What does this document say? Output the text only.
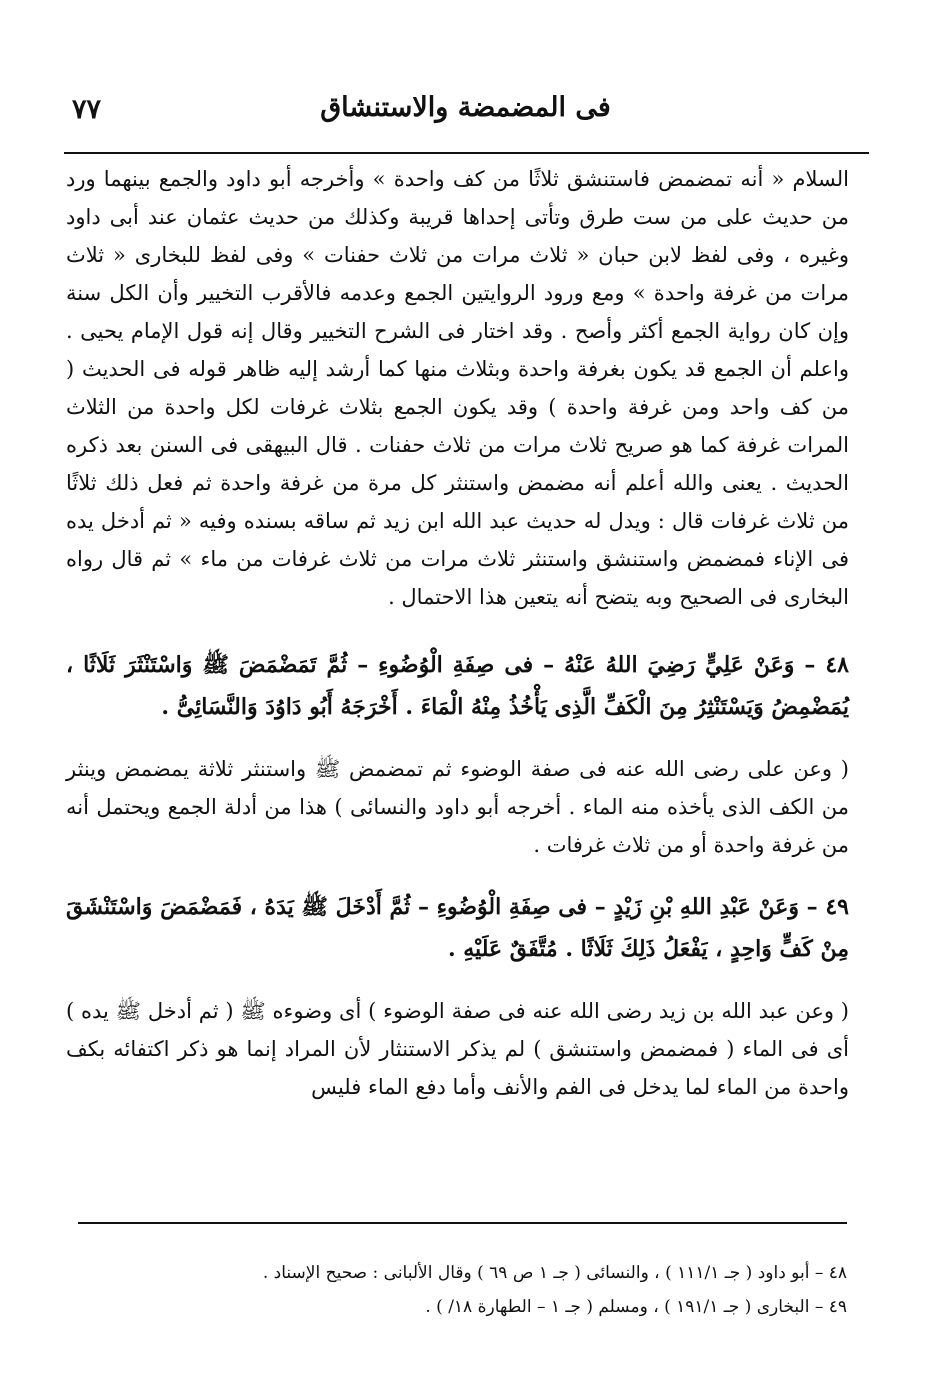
٧٧	فى المضمضة والاستنشاق

السلام « أنه تمضمض فاستنشق ثلاثًا من كف واحدة » وأخرجه أبو داود والجمع بينهما ورد من حديث على من ست طرق وتأتى إحداها قريبة وكذلك من حديث عثمان عند أبى داود وغيره ، وفى لفظ لابن حبان « ثلاث مرات من ثلاث حفنات » وفى لفظ للبخارى « ثلاث مرات من غرفة واحدة » ومع ورود الروايتين الجمع وعدمه فالأقرب التخيير وأن الكل سنة وإن كان رواية الجمع أكثر وأصح . وقد اختار فى الشرح التخيير وقال إنه قول الإمام يحيى . واعلم أن الجمع قد يكون بغرفة واحدة وبثلاث منها كما أرشد إليه ظاهر قوله فى الحديث ( من كف واحد ومن غرفة واحدة ) وقد يكون الجمع بثلاث غرفات لكل واحدة من الثلاث المرات غرفة كما هو صريح ثلاث مرات من ثلاث حفنات . قال البيهقى فى السنن بعد ذكره الحديث . يعنى والله أعلم أنه مضمض واستنثر كل مرة من غرفة واحدة ثم فعل ذلك ثلاثًا من ثلاث غرفات قال : ويدل له حديث عبد الله ابن زيد ثم ساقه بسنده وفيه « ثم أدخل يده فى الإناء فمضمض واستنشق واستنثر ثلاث مرات من ثلاث غرفات من ماء » ثم قال رواه البخارى فى الصحيح وبه يتضح أنه يتعين هذا الاحتمال .

٤٨ – وَعَنْ عَلِيٍّ رَضِيَ اللهُ عَنْهُ – فى صِفَةِ الْوُضُوءِ – ثُمَّ تَمَضْمَضَ ﷺ وَاسْتَنْثَرَ ثَلَاثًا ، يُمَضْمِضُ وَيَسْتَنْثِرُ مِنَ الْكَفِّ الَّذِى يَأْخُذُ مِنْهُ الْمَاءَ . أَخْرَجَهُ أَبُو دَاوُدَ وَالنَّسَائِىُّ .

( وعن على رضى الله عنه فى صفة الوضوء ثم تمضمض ﷺ واستنثر ثلاثة يمضمض وينثر من الكف الذى يأخذه منه الماء . أخرجه أبو داود والنسائى ) هذا من أدلة الجمع ويحتمل أنه من غرفة واحدة أو من ثلاث غرفات .

٤٩ – وَعَنْ عَبْدِ اللهِ بْنِ زَيْدٍ – فى صِفَةِ الْوُضُوءِ – ثُمَّ أَدْخَلَ ﷺ يَدَهُ ، فَمَضْمَضَ وَاسْتَنْشَقَ مِنْ كَفٍّ وَاحِدٍ ، يَفْعَلُ ذَلِكَ ثَلَاثًا . مُتَّفَقٌ عَلَيْهِ .

( وعن عبد الله بن زيد رضى الله عنه فى صفة الوضوء ) أى وضوءه ﷺ ( ثم أدخل ﷺ يده ) أى فى الماء ( فمضمض واستنشق ) لم يذكر الاستنثار لأن المراد إنما هو ذكر اكتفائه بكف واحدة من الماء لما يدخل فى الفم والأنف وأما دفع الماء فليس

٤٨ – أبو داود ( جـ ١١١/١ ) ، والنسائى ( جـ ١ ص ٦٩ ) وقال الألبانى : صحيح الإسناد .

٤٩ – البخارى ( جـ ١٩١/١ ) ، ومسلم ( جـ ١ – الطهارة ١٨/ ) .
